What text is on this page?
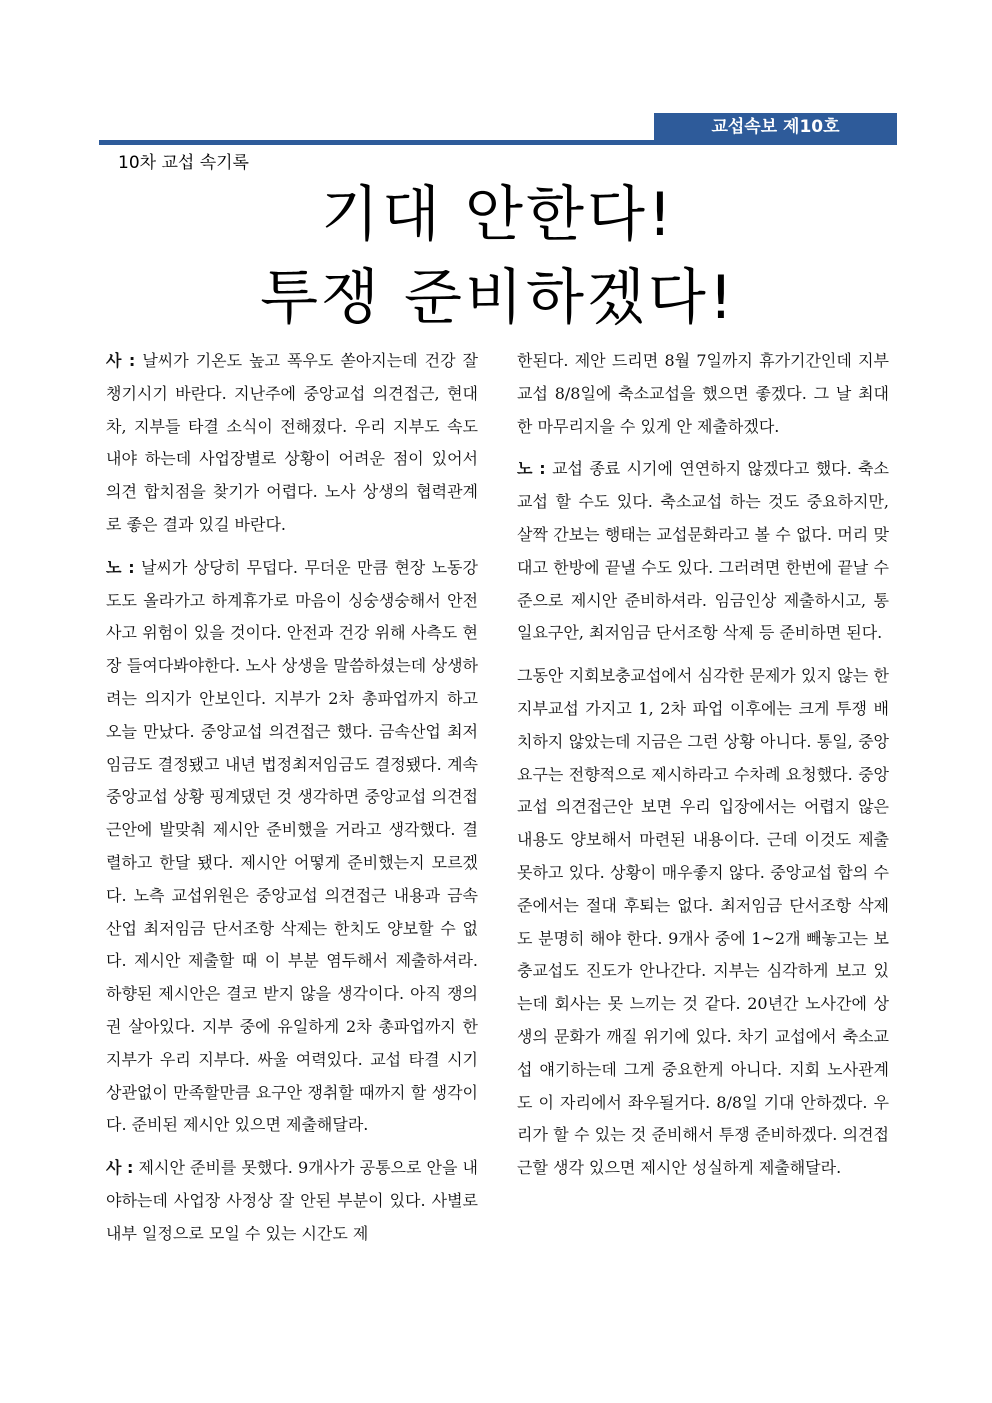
교섭속보 제10호
10차 교섭 속기록
기대 안한다!
투쟁 준비하겠다!

사 : 날씨가 기온도 높고 폭우도 쏟아지는데 건강 잘 챙기시기 바란다. 지난주에 중앙교섭 의견접근, 현대차, 지부들 타결 소식이 전해졌다. 우리 지부도 속도 내야 하는데 사업장별로 상황이 어려운 점이 있어서 의견 합치점을 찾기가 어렵다. 노사 상생의 협력관계로 좋은 결과 있길 바란다.

노 : 날씨가 상당히 무덥다. 무더운 만큼 현장 노동강도도 올라가고 하계휴가로 마음이 싱숭생숭해서 안전사고 위험이 있을 것이다. 안전과 건강 위해 사측도 현장 들여다봐야한다. 노사 상생을 말씀하셨는데 상생하려는 의지가 안보인다. 지부가 2차 총파업까지 하고 오늘 만났다. 중앙교섭 의견접근 했다. 금속산업 최저임금도 결정됐고 내년 법정최저임금도 결정됐다. 계속 중앙교섭 상황 핑계댔던 것 생각하면 중앙교섭 의견접근안에 발맞춰 제시안 준비했을 거라고 생각했다. 결렬하고 한달 됐다. 제시안 어떻게 준비했는지 모르겠다. 노측 교섭위원은 중앙교섭 의견접근 내용과 금속산업 최저임금 단서조항 삭제는 한치도 양보할 수 없다. 제시안 제출할 때 이 부분 염두해서 제출하셔라. 하향된 제시안은 결코 받지 않을 생각이다. 아직 쟁의권 살아있다. 지부 중에 유일하게 2차 총파업까지 한 지부가 우리 지부다. 싸울 여력있다. 교섭 타결 시기 상관없이 만족할만큼 요구안 쟁취할 때까지 할 생각이다. 준비된 제시안 있으면 제출해달라.

사 : 제시안 준비를 못했다. 9개사가 공통으로 안을 내야하는데 사업장 사정상 잘 안된 부분이 있다. 사별로 내부 일정으로 모일 수 있는 시간도 제

한된다. 제안 드리면 8월 7일까지 휴가기간인데 지부교섭 8/8일에 축소교섭을 했으면 좋겠다. 그 날 최대한 마무리지을 수 있게 안 제출하겠다.

노 : 교섭 종료 시기에 연연하지 않겠다고 했다. 축소교섭 할 수도 있다. 축소교섭 하는 것도 중요하지만, 살짝 간보는 행태는 교섭문화라고 볼 수 없다. 머리 맞대고 한방에 끝낼 수도 있다. 그러려면 한번에 끝날 수준으로 제시안 준비하셔라. 임금인상 제출하시고, 통일요구안, 최저임금 단서조항 삭제 등 준비하면 된다.

그동안 지회보충교섭에서 심각한 문제가 있지 않는 한 지부교섭 가지고 1, 2차 파업 이후에는 크게 투쟁 배치하지 않았는데 지금은 그런 상황 아니다. 통일, 중앙요구는 전향적으로 제시하라고 수차례 요청했다. 중앙교섭 의견접근안 보면 우리 입장에서는 어렵지 않은 내용도 양보해서 마련된 내용이다. 근데 이것도 제출 못하고 있다. 상황이 매우좋지 않다. 중앙교섭 합의 수준에서는 절대 후퇴는 없다. 최저임금 단서조항 삭제도 분명히 해야 한다. 9개사 중에 1~2개 빼놓고는 보충교섭도 진도가 안나간다. 지부는 심각하게 보고 있는데 회사는 못 느끼는 것 같다. 20년간 노사간에 상생의 문화가 깨질 위기에 있다. 차기 교섭에서 축소교섭 얘기하는데 그게 중요한게 아니다. 지회 노사관계도 이 자리에서 좌우될거다. 8/8일 기대 안하겠다. 우리가 할 수 있는 것 준비해서 투쟁 준비하겠다. 의견접근할 생각 있으면 제시안 성실하게 제출해달라.
